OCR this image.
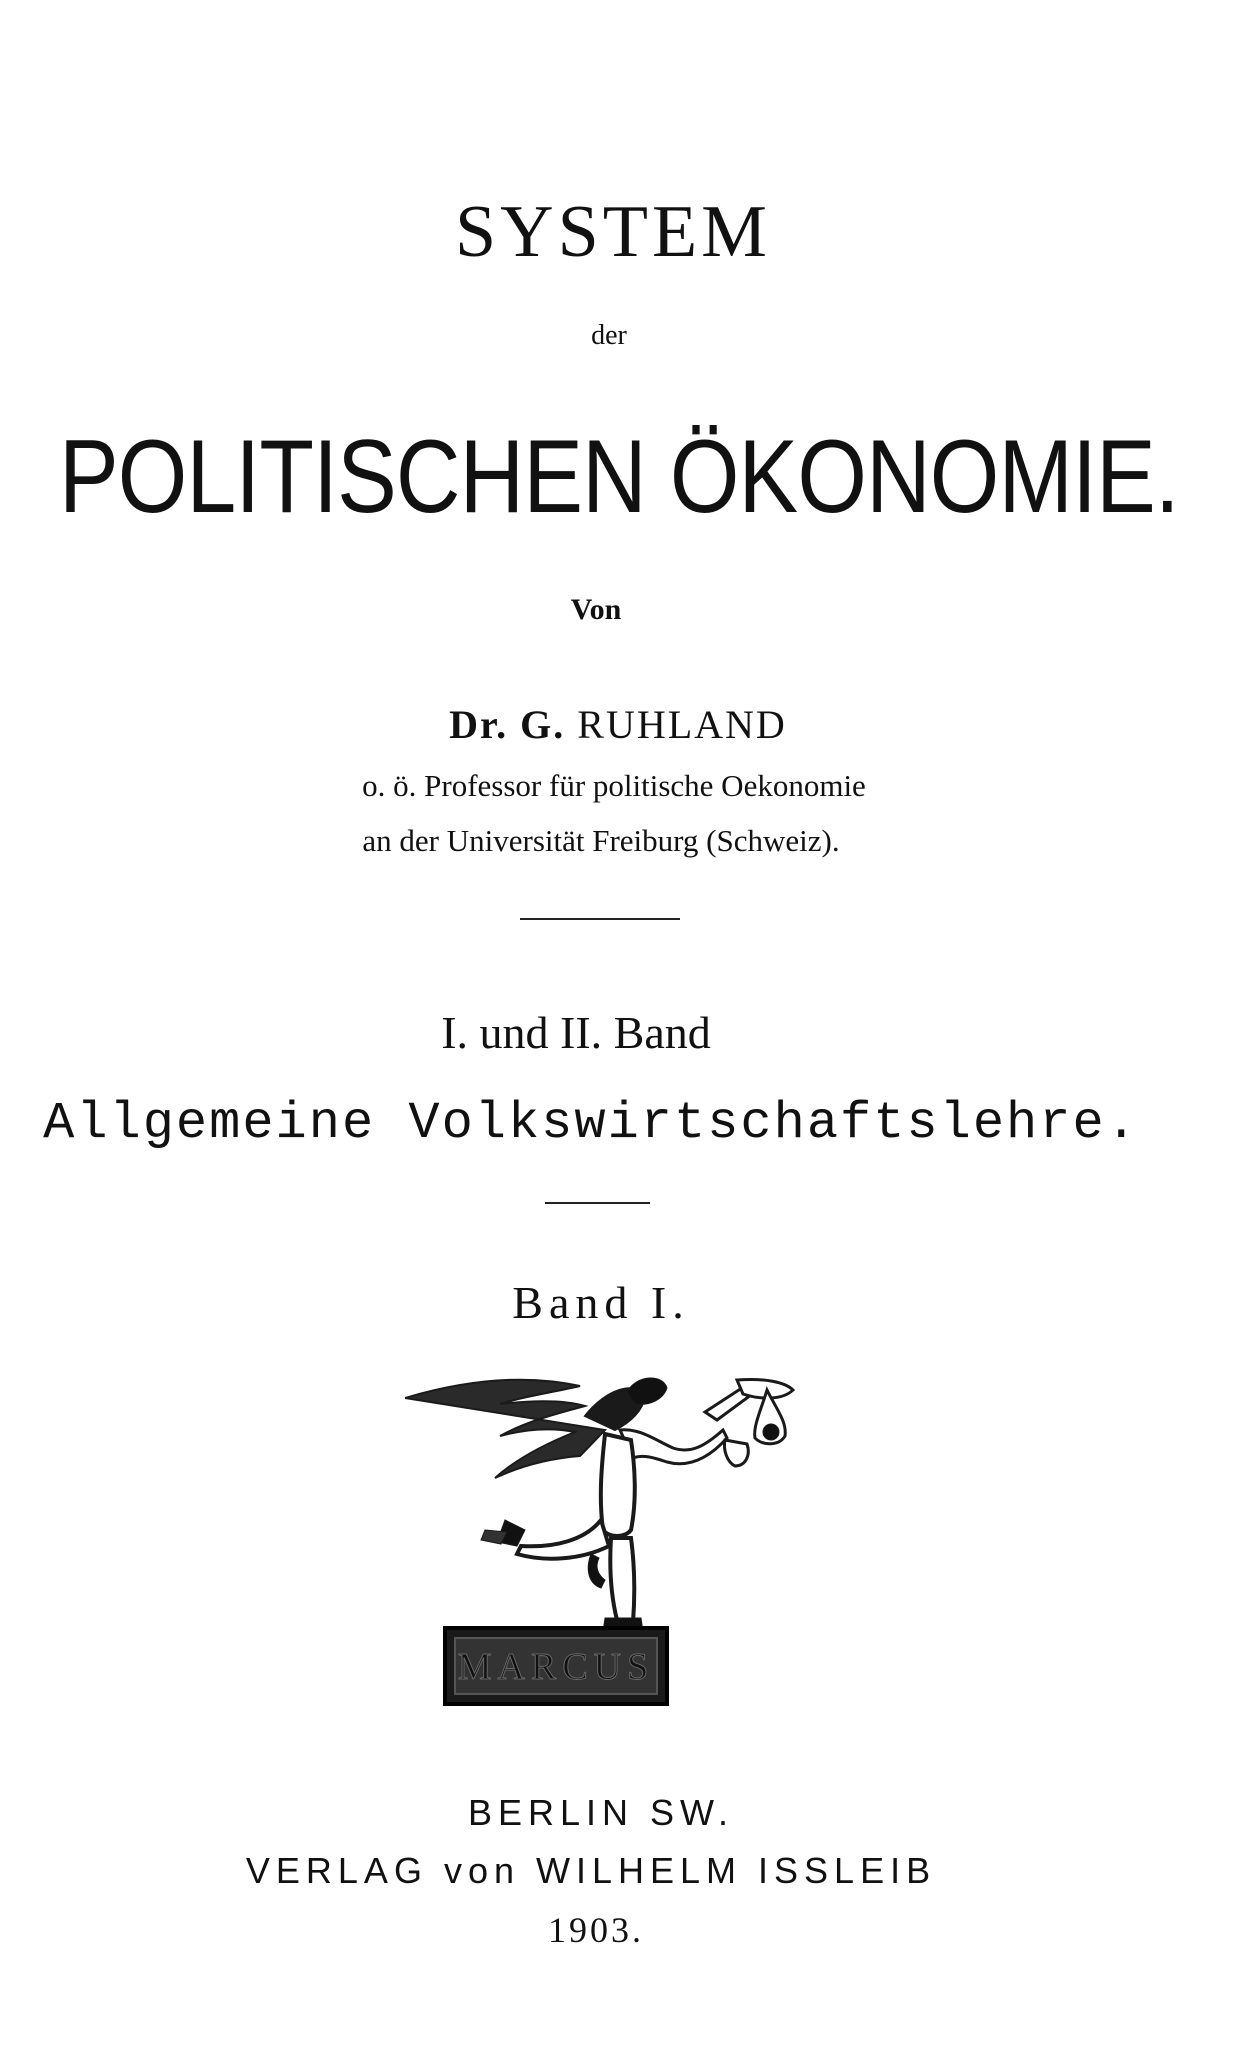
SYSTEM
der
POLITISCHEN ÖKONOMIE.
Von
Dr. G. RUHLAND
o. ö. Professor für politische Oekonomie
an der Universität Freiburg (Schweiz).
I. und II. Band
Allgemeine Volkswirtschaftslehre.
Band I.
MARCUS
BERLIN SW.
VERLAG von WILHELM ISSLEIB
1903.
